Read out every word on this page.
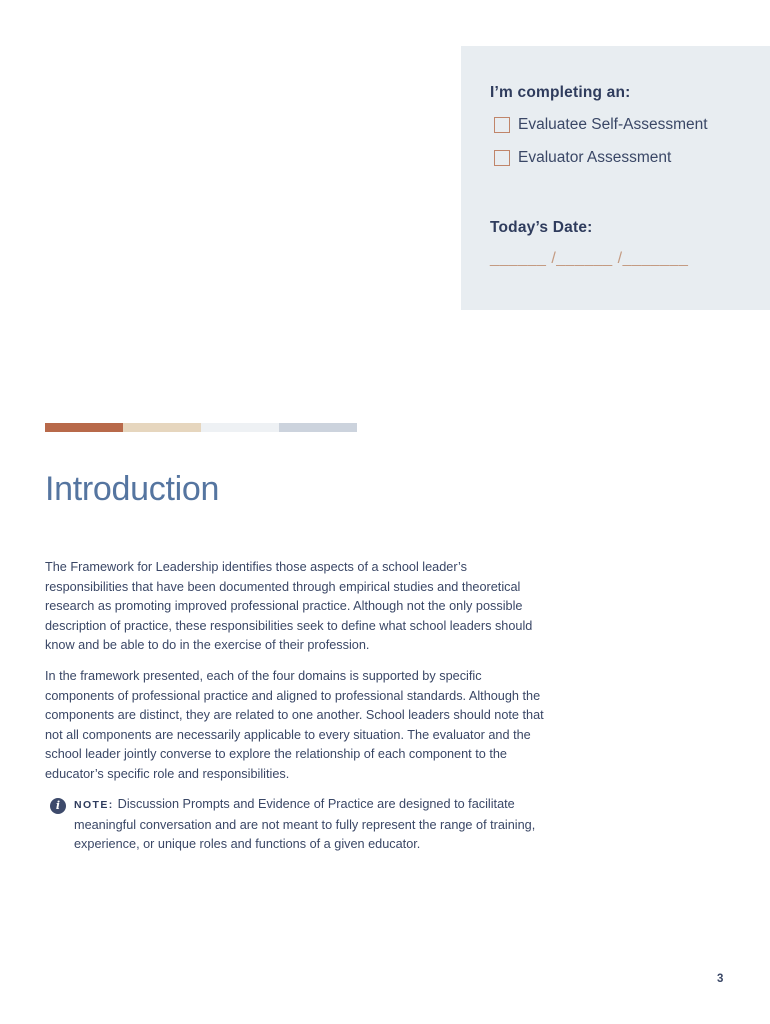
I’m completing an:
Evaluatee Self-Assessment
Evaluator Assessment
Today’s Date:
______ /______ /_______
Introduction

The Framework for Leadership identifies those aspects of a school leader’s responsibilities that have been documented through empirical studies and theoretical research as promoting improved professional practice. Although not the only possible description of practice, these responsibilities seek to define what school leaders should know and be able to do in the exercise of their profession.

In the framework presented, each of the four domains is supported by specific components of professional practice and aligned to professional standards. Although the components are distinct, they are related to one another. School leaders should note that not all components are necessarily applicable to every situation. The evaluator and the school leader jointly converse to explore the relationship of each component to the educator’s specific role and responsibilities.

i	NOTE: Discussion Prompts and Evidence of Practice are designed to facilitate meaningful conversation and are not meant to fully represent the range of training, experience, or unique roles and functions of a given educator.
3
